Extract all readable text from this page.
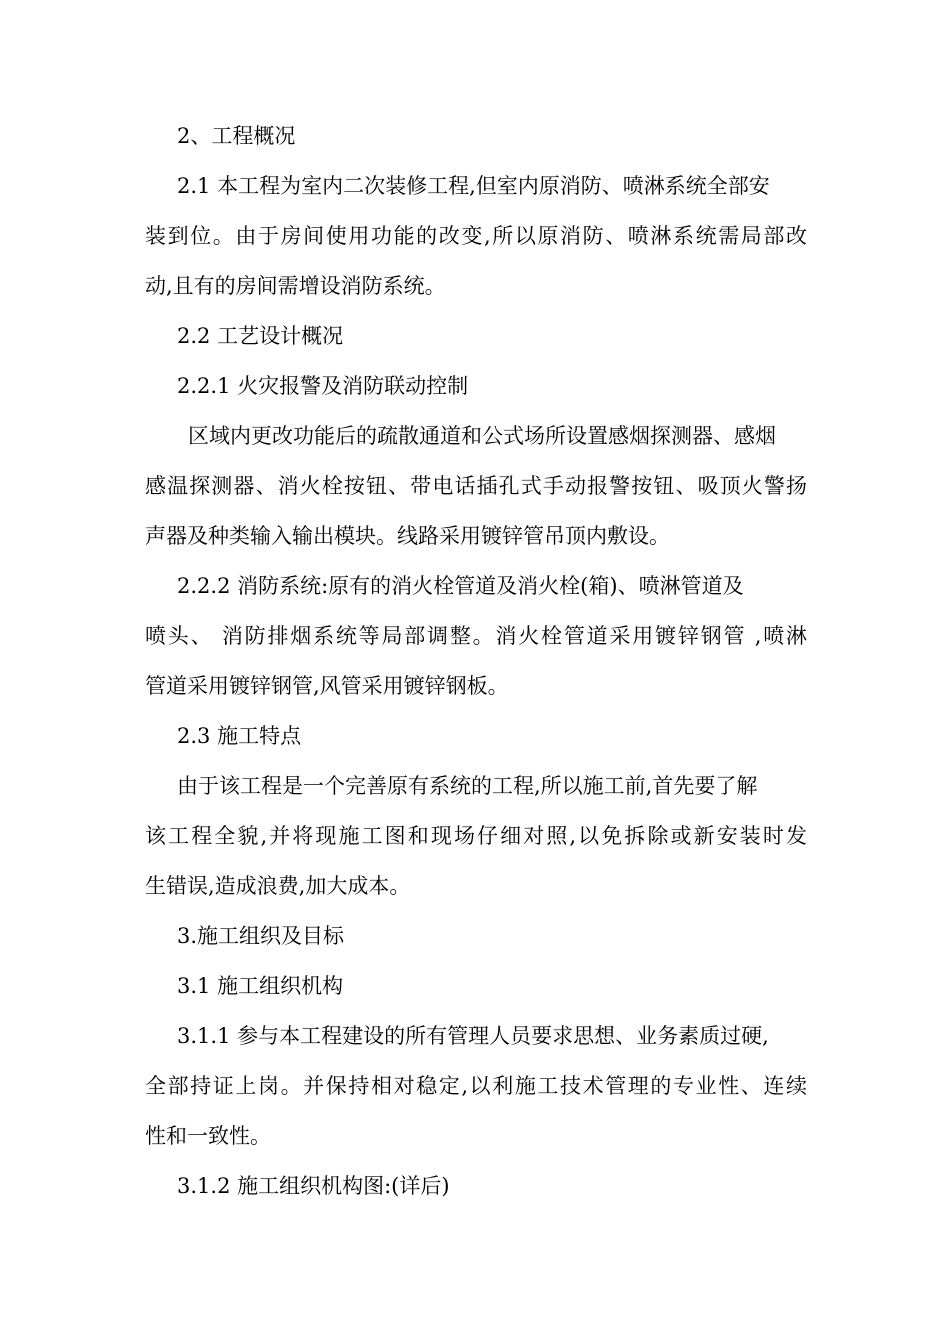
2、工程概况
2.1 本工程为室内二次装修工程,但室内原消防、喷淋系统全部安
装到位。由于房间使用功能的改变,所以原消防、喷淋系统需局部改
动,且有的房间需增设消防系统。
2.2 工艺设计概况
2.2.1 火灾报警及消防联动控制
区域内更改功能后的疏散通道和公式场所设置感烟探测器、感烟
感温探测器、消火栓按钮、带电话插孔式手动报警按钮、吸顶火警扬
声器及种类输入输出模块。线路采用镀锌管吊顶内敷设。
2.2.2 消防系统:原有的消火栓管道及消火栓(箱)、喷淋管道及
喷头、 消防排烟系统等局部调整。消火栓管道采用镀锌钢管 ,喷淋
管道采用镀锌钢管,风管采用镀锌钢板。
2.3 施工特点
由于该工程是一个完善原有系统的工程,所以施工前,首先要了解
该工程全貌,并将现施工图和现场仔细对照,以免拆除或新安装时发
生错误,造成浪费,加大成本。
3.施工组织及目标
3.1 施工组织机构
3.1.1 参与本工程建设的所有管理人员要求思想、业务素质过硬,
全部持证上岗。并保持相对稳定,以利施工技术管理的专业性、连续
性和一致性。
3.1.2 施工组织机构图:(详后)
